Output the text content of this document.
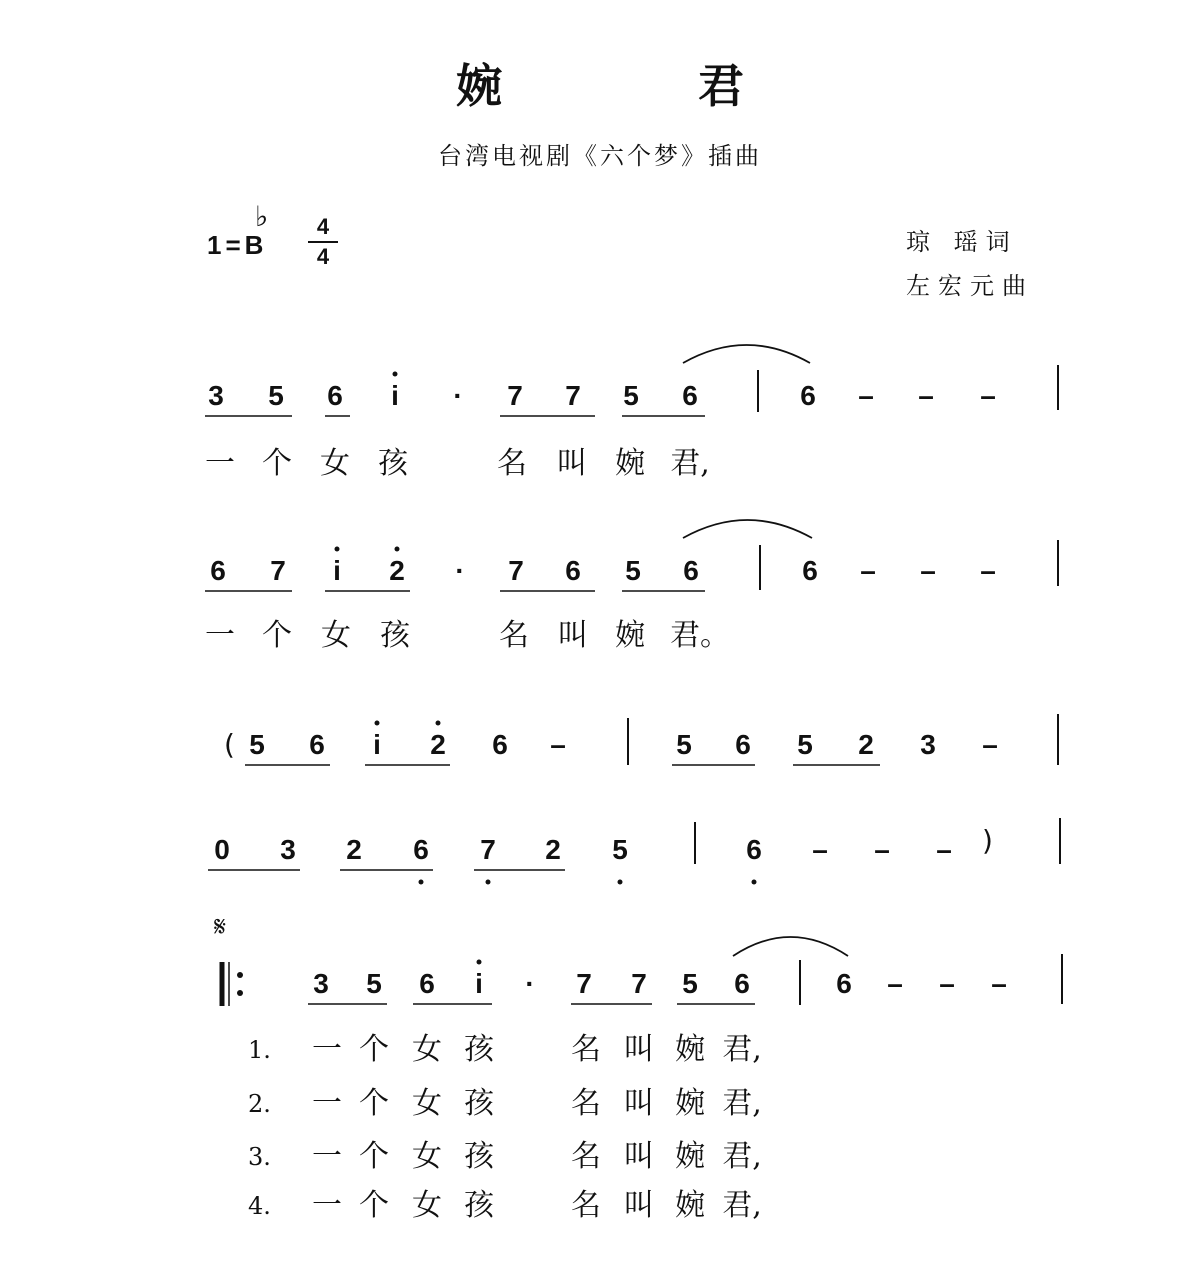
婉	君
台湾电视剧《六个梦》插曲
1 = B
♭	4
4
琼 瑶词
左宏元曲
3 5 6	i	·	7 7 5 6	6 – – –
一 个 女 孩	名 叫 婉 君,
6 7	i	2	·	7 6 5 6	6 – – –
一 个 女 孩	名 叫 婉 君。
( 5 6	i	2 6 –	5 6 5 2 3 –
0 3 2 6 7 2 5	6 – – – )
𝄋
3 5 6	i	·	7 7 5 6	6 – – –
1. 一 个 女 孩	名 叫 婉 君,
2. 一 个 女 孩	名 叫 婉 君,
3. 一 个 女 孩	名 叫 婉 君,
4. 一 个 女 孩	名 叫 婉 君,
